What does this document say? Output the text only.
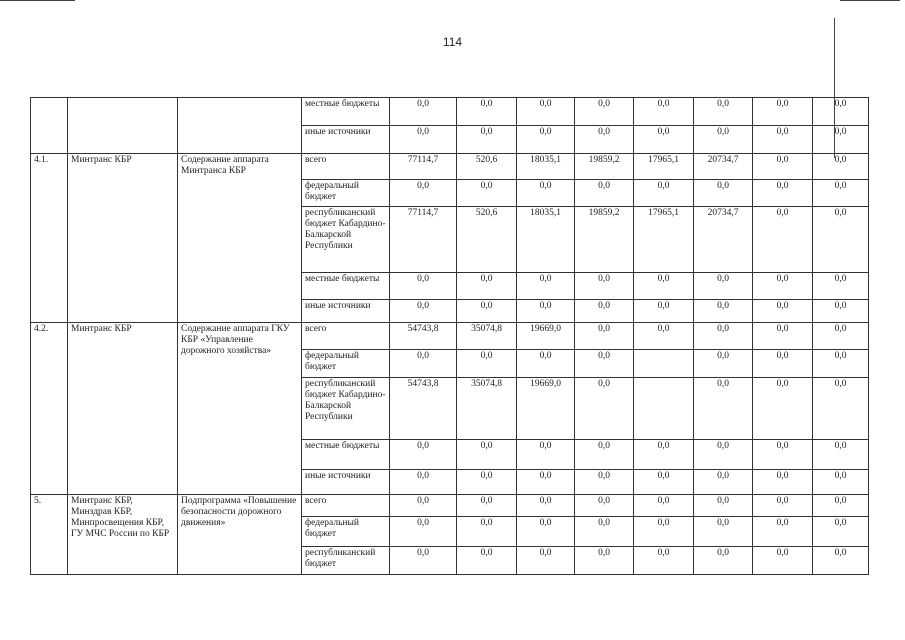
114
			местные бюджеты	0,0	0,0	0,0	0,0	0,0	0,0	0,0	0,0
			иные источники	0,0	0,0	0,0	0,0	0,0	0,0	0,0	0,0
4.1.	Минтранс КБР	Содержание аппарата Минтранса КБР	всего	77114,7	520,6	18035,1	19859,2	17965,1	20734,7	0,0	0,0
			федеральный бюджет	0,0	0,0	0,0	0,0	0,0	0,0	0,0	0,0
			республиканский бюджет Кабардино-Балкарской Республики	77114,7	520,6	18035,1	19859,2	17965,1	20734,7	0,0	0,0
			местные бюджеты	0,0	0,0	0,0	0,0	0,0	0,0	0,0	0,0
			иные источники	0,0	0,0	0,0	0,0	0,0	0,0	0,0	0,0
4.2.	Минтранс КБР	Содержание аппарата ГКУ КБР «Управление дорожного хозяйства»	всего	54743,8	35074,8	19669,0	0,0	0,0	0,0	0,0	0,0
			федеральный бюджет	0,0	0,0	0,0	0,0		0,0	0,0	0,0
			республиканский бюджет Кабардино-Балкарской Республики	54743,8	35074,8	19669,0	0,0		0,0	0,0	0,0
			местные бюджеты	0,0	0,0	0,0	0,0	0,0	0,0	0,0	0,0
			иные источники	0,0	0,0	0,0	0,0	0,0	0,0	0,0	0,0
5.	Минтранс КБР, Минздрав КБР, Минпросвещения КБР, ГУ МЧС России по КБР	Подпрограмма «Повышение безопасности дорожного движения»	всего	0,0	0,0	0,0	0,0	0,0	0,0	0,0	0,0
			федеральный бюджет	0,0	0,0	0,0	0,0	0,0	0,0	0,0	0,0
			республиканский бюджет	0,0	0,0	0,0	0,0	0,0	0,0	0,0	0,0
